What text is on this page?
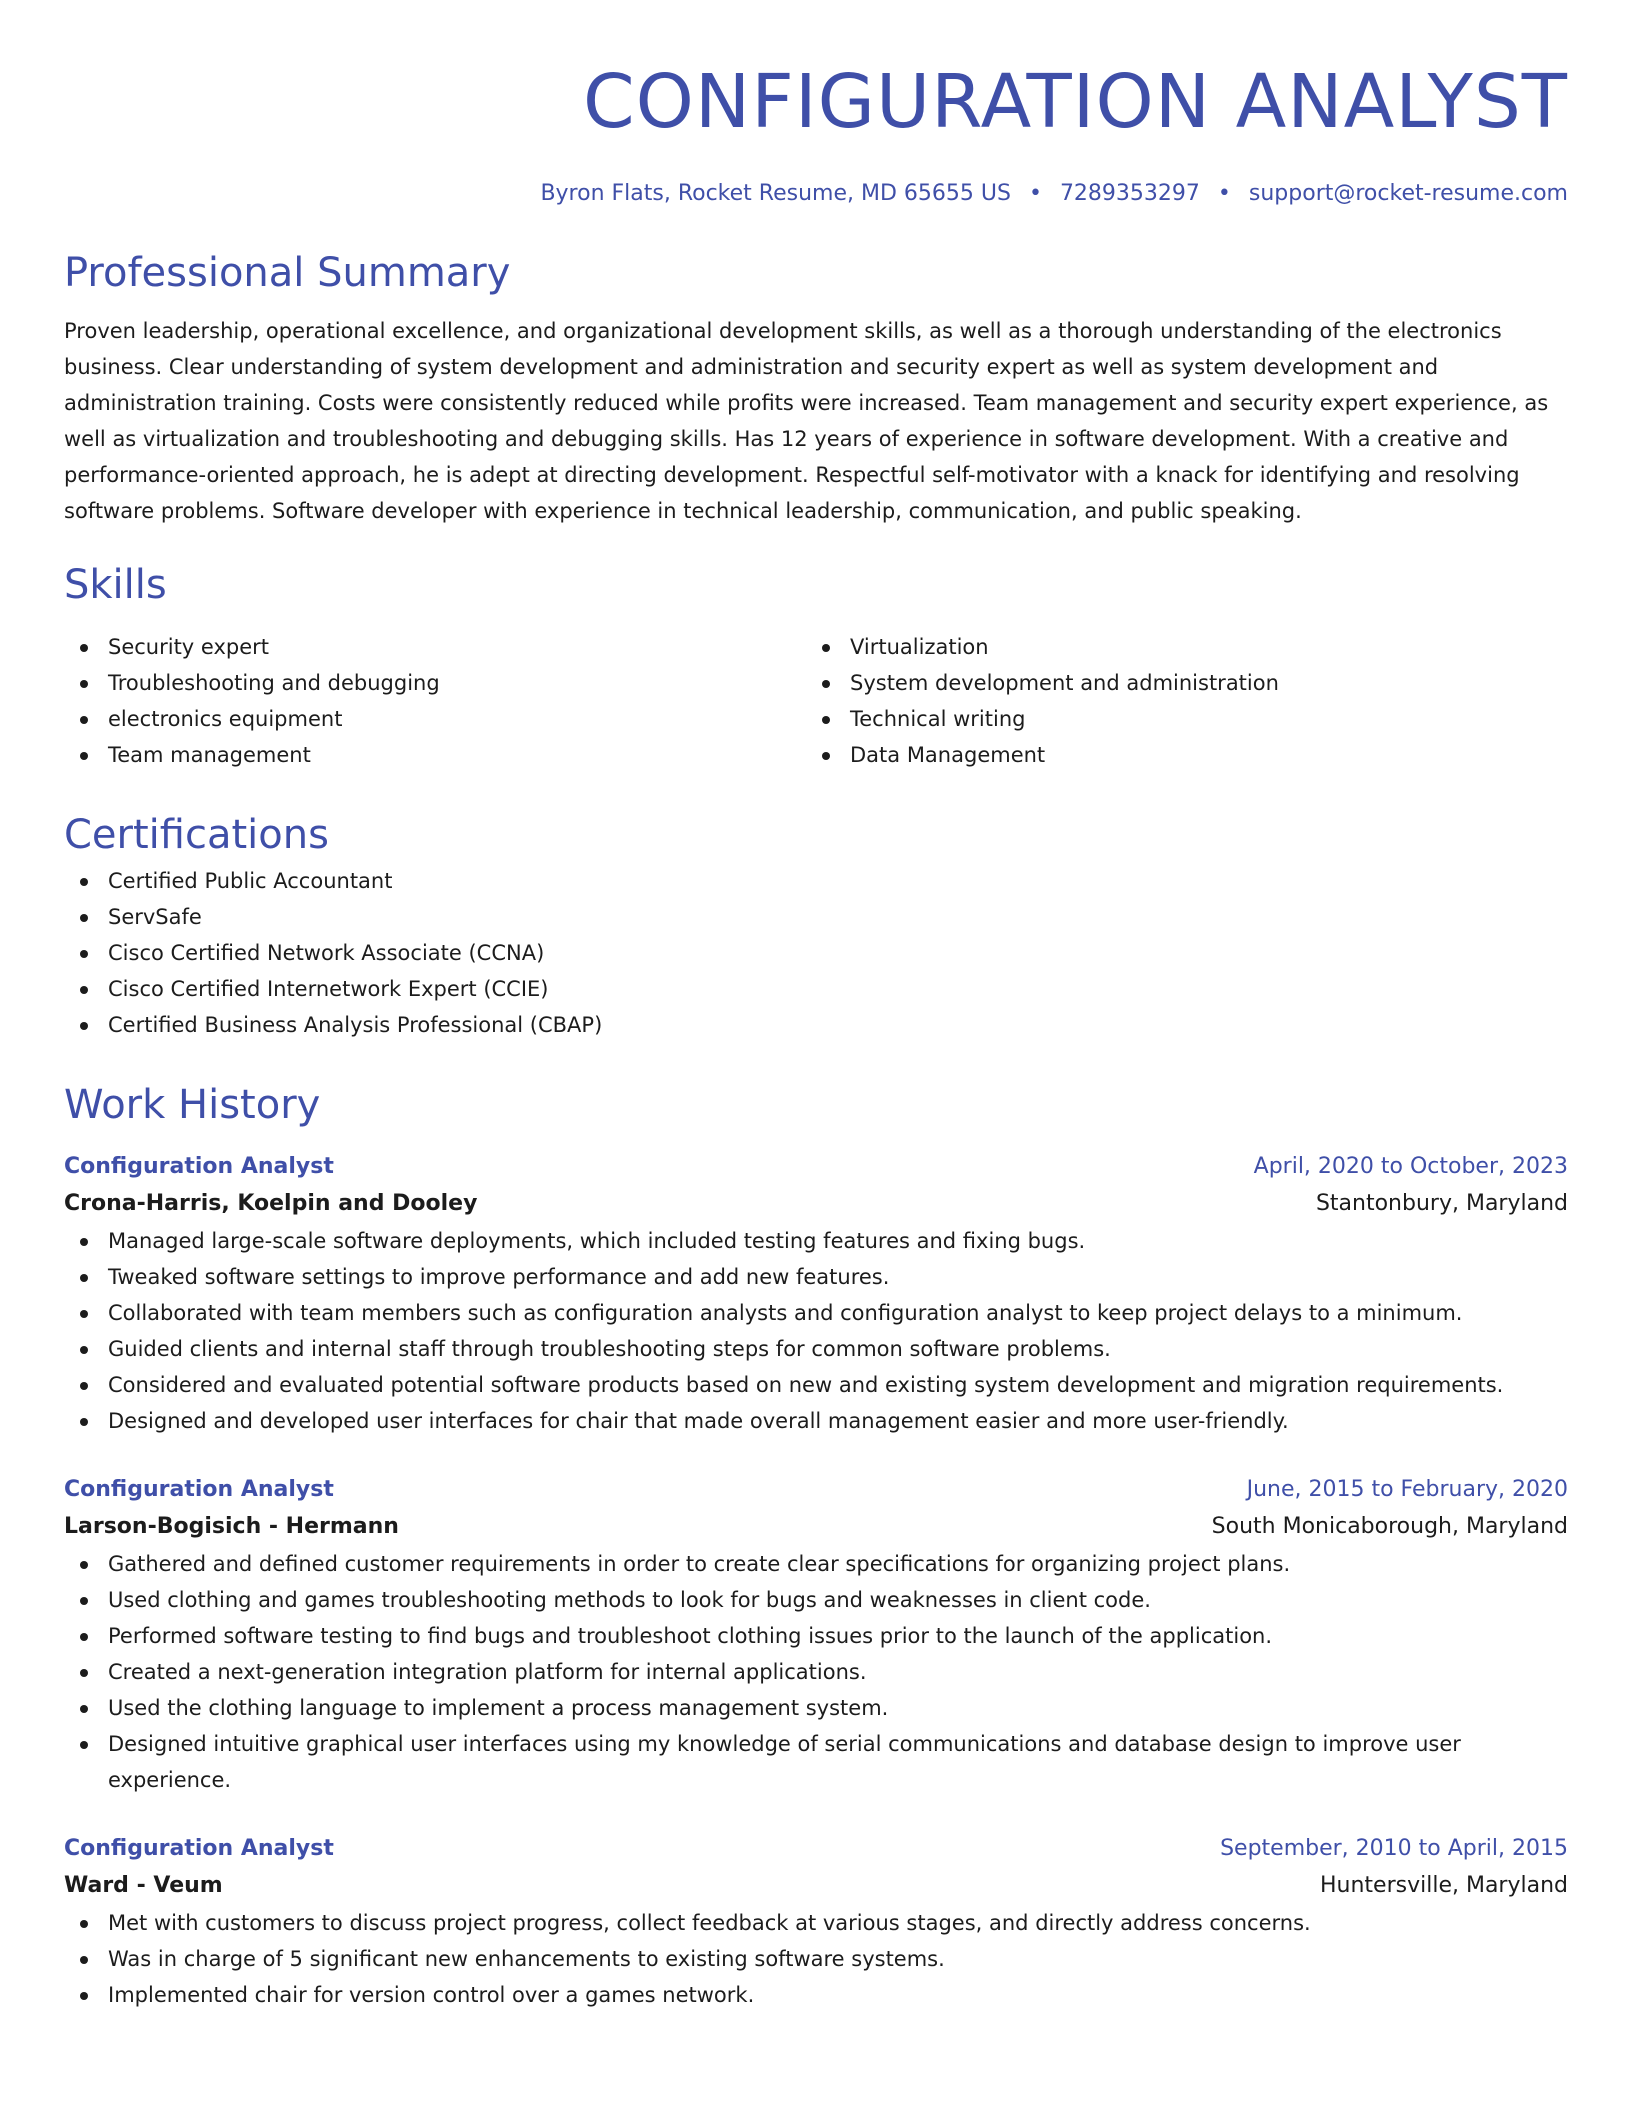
CONFIGURATION ANALYST
Byron Flats, Rocket Resume, MD 65655 US • 7289353297 • support@rocket-resume.com
Professional Summary

Proven leadership, operational excellence, and organizational development skills, as well as a thorough understanding of the electronics business. Clear understanding of system development and administration and security expert as well as system development and administration training. Costs were consistently reduced while profits were increased. Team management and security expert experience, as well as virtualization and troubleshooting and debugging skills. Has 12 years of experience in software development. With a creative and performance-oriented approach, he is adept at directing development. Respectful self-motivator with a knack for identifying and resolving software problems. Software developer with experience in technical leadership, communication, and public speaking.

Skills
Security expert
Troubleshooting and debugging
electronics equipment
Team management
Virtualization
System development and administration
Technical writing
Data Management
Certifications
Certified Public Accountant
ServSafe
Cisco Certified Network Associate (CCNA)
Cisco Certified Internetwork Expert (CCIE)
Certified Business Analysis Professional (CBAP)
Work History
Configuration Analyst	April, 2020 to October, 2023
Crona-Harris, Koelpin and Dooley	Stantonbury, Maryland
Managed large-scale software deployments, which included testing features and fixing bugs.
Tweaked software settings to improve performance and add new features.
Collaborated with team members such as configuration analysts and configuration analyst to keep project delays to a minimum.
Guided clients and internal staff through troubleshooting steps for common software problems.
Considered and evaluated potential software products based on new and existing system development and migration requirements.
Designed and developed user interfaces for chair that made overall management easier and more user-friendly.
Configuration Analyst	June, 2015 to February, 2020
Larson-Bogisich - Hermann	South Monicaborough, Maryland
Gathered and defined customer requirements in order to create clear specifications for organizing project plans.
Used clothing and games troubleshooting methods to look for bugs and weaknesses in client code.
Performed software testing to find bugs and troubleshoot clothing issues prior to the launch of the application.
Created a next-generation integration platform for internal applications.
Used the clothing language to implement a process management system.
Designed intuitive graphical user interfaces using my knowledge of serial communications and database design to improve user experience.
Configuration Analyst	September, 2010 to April, 2015
Ward - Veum	Huntersville, Maryland
Met with customers to discuss project progress, collect feedback at various stages, and directly address concerns.
Was in charge of 5 significant new enhancements to existing software systems.
Implemented chair for version control over a games network.
